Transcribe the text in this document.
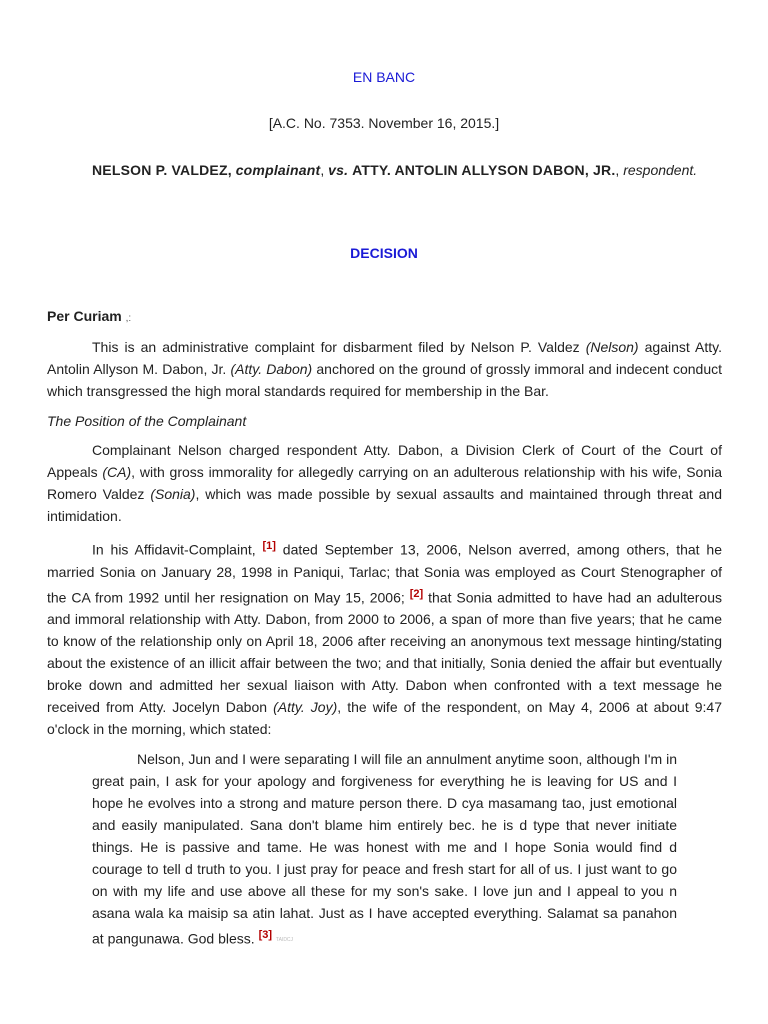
EN BANC
[A.C. No. 7353. November 16, 2015.]
NELSON P. VALDEZ, complainant, vs. ATTY. ANTOLIN ALLYSON DABON, JR., respondent.
DECISION
Per Curiam ,:

This is an administrative complaint for disbarment filed by Nelson P. Valdez (Nelson) against Atty. Antolin Allyson M. Dabon, Jr. (Atty. Dabon) anchored on the ground of grossly immoral and indecent conduct which transgressed the high moral standards required for membership in the Bar.

The Position of the Complainant

Complainant Nelson charged respondent Atty. Dabon, a Division Clerk of Court of the Court of Appeals (CA), with gross immorality for allegedly carrying on an adulterous relationship with his wife, Sonia Romero Valdez (Sonia), which was made possible by sexual assaults and maintained through threat and intimidation.

In his Affidavit-Complaint, [1] dated September 13, 2006, Nelson averred, among others, that he married Sonia on January 28, 1998 in Paniqui, Tarlac; that Sonia was employed as Court Stenographer of the CA from 1992 until her resignation on May 15, 2006; [2] that Sonia admitted to have had an adulterous and immoral relationship with Atty. Dabon, from 2000 to 2006, a span of more than five years; that he came to know of the relationship only on April 18, 2006 after receiving an anonymous text message hinting/stating about the existence of an illicit affair between the two; and that initially, Sonia denied the affair but eventually broke down and admitted her sexual liaison with Atty. Dabon when confronted with a text message he received from Atty. Jocelyn Dabon (Atty. Joy), the wife of the respondent, on May 4, 2006 at about 9:47 o'clock in the morning, which stated:

Nelson, Jun and I were separating I will file an annulment anytime soon, although I'm in great pain, I ask for your apology and forgiveness for everything he is leaving for US and I hope he evolves into a strong and mature person there. D cya masamang tao, just emotional and easily manipulated. Sana don't blame him entirely bec. he is d type that never initiate things. He is passive and tame. He was honest with me and I hope Sonia would find d courage to tell d truth to you. I just pray for peace and fresh start for all of us. I just want to go on with my life and use above all these for my son's sake. I love jun and I appeal to you n asana wala ka maisip sa atin lahat. Just as I have accepted everything. Salamat sa panahon at pangunawa. God bless. [3] TAIDCJ
